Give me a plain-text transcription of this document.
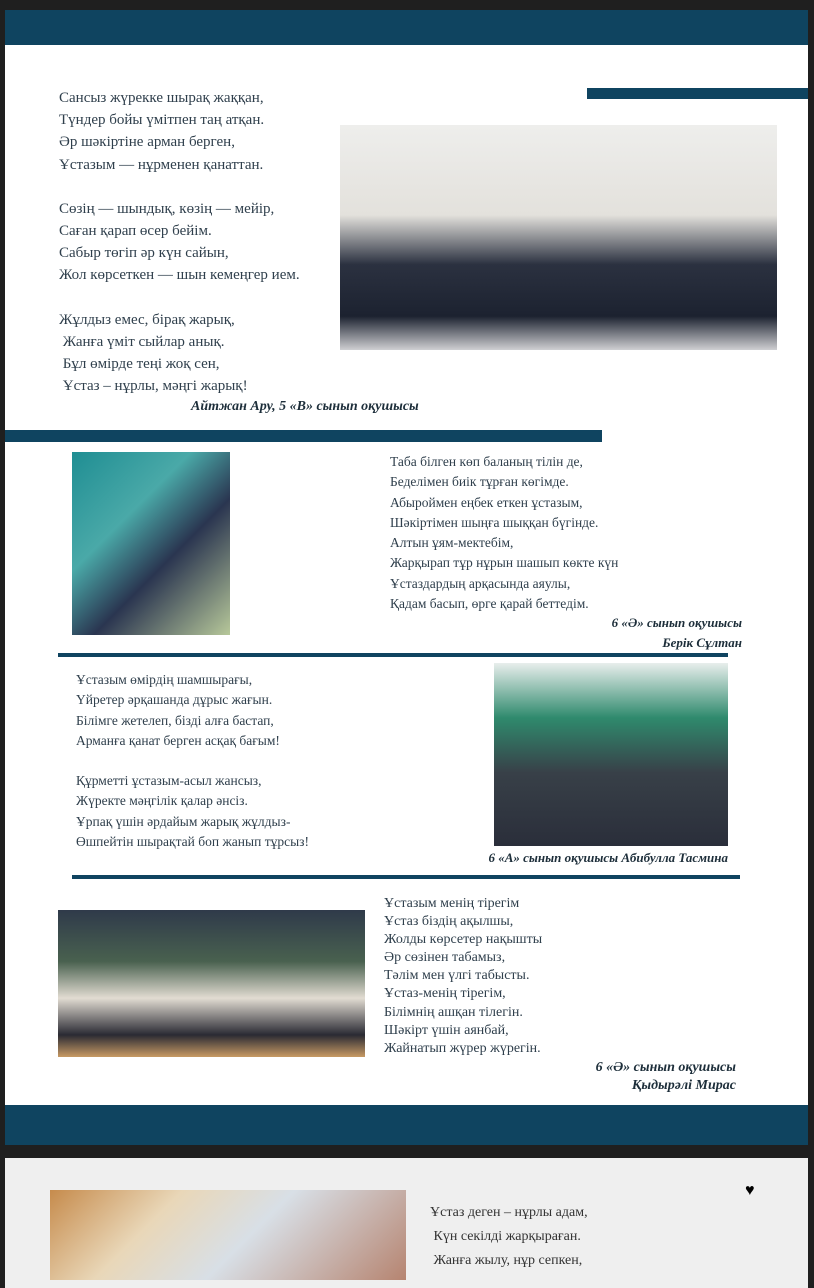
Сансыз жүрекке шырақ жаққан,
Түндер бойы үмітпен таң атқан.
Әр шәкіртіне арман берген,
Ұстазым — нұрменен қанаттан.
Сөзің — шындық, көзің — мейір,
Саған қарап өсер бейім.
Сабыр төгіп әр күн сайын,
Жол көрсеткен — шын кемеңгер ием.
Жұлдыз емес, бірақ жарық,
Жанға үміт сыйлар анық.
Бұл өмірде теңі жоқ сен,
Ұстаз – нұрлы, мәңгі жарық!
Айтжан Ару, 5 «В» сынып оқушысы
Таба білген көп баланың тілін де,
Беделімен биік тұрған көгімде.
Абыроймен еңбек еткен ұстазым,
Шәкіртімен шыңға шыққан бүгінде.
Алтын ұям-мектебім,
Жарқырап тұр нұрын шашып көкте күн
Ұстаздардың арқасында аяулы,
Қадам басып, өрге қарай беттедім.
6 «Ә» сынып оқушысы
Берік Сұлтан
Ұстазым өмірдің шамшырағы,
Үйретер әрқашанда дұрыс жағын.
Білімге жетелеп, бізді алға бастап,
Арманға қанат берген асқақ бағым!
Құрметті ұстазым-асыл жансыз,
Жүректе мәңгілік қалар әнсіз.
Ұрпақ үшін әрдайым жарық жұлдыз-
Өшпейтін шырақтай боп жанып тұрсыз!
6 «А» сынып оқушысы Абибулла Тасмина
Ұстазым менің тірегім
Ұстаз біздің ақылшы,
Жолды көрсетер нақышты
Әр сөзінен табамыз,
Тәлім мен үлгі табысты.
Ұстаз-менің тірегім,
Білімнің ашқан тілегін.
Шәкірт үшін аянбай,
Жайнатып жүрер жүрегін.
6 «Ә» сынып оқушысы
Қыдырәлі Мирас
♥
Ұстаз деген – нұрлы адам,
Күн секілді жарқыраған.
Жанға жылу, нұр сепкен,
